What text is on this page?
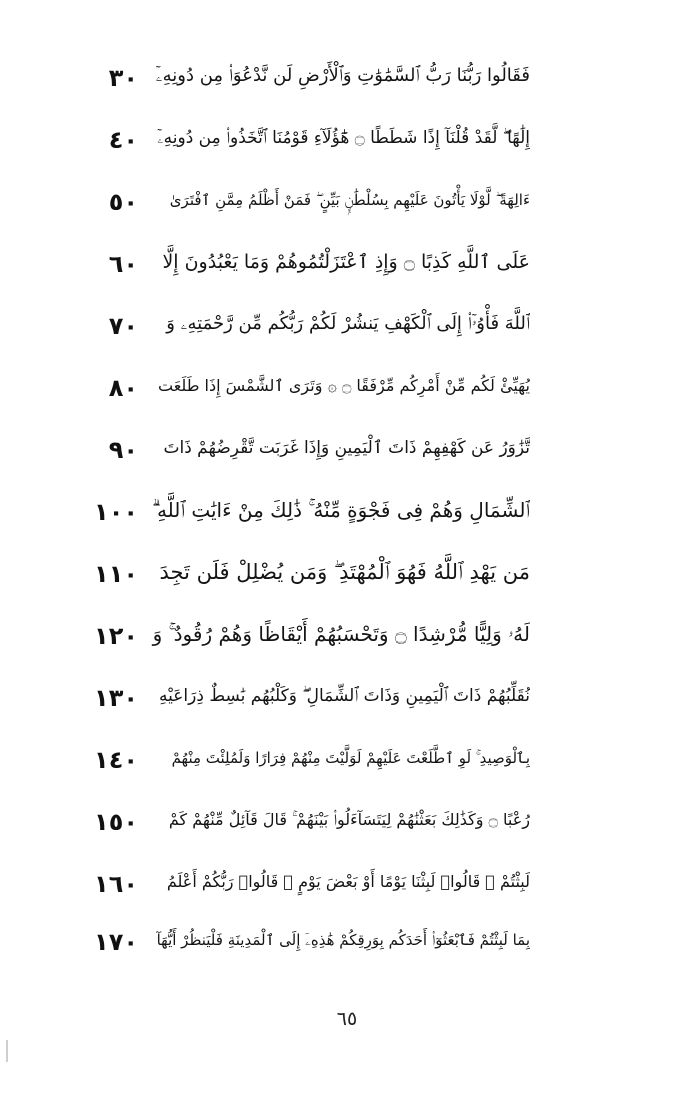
فَقَالُوا رَبُّنَا رَبُّ ٱلسَّمَٰوَٰتِ وَٱلْأَرْضِ لَن نَّدْعُوَا۟ مِن دُونِهِۦٓ
٣٠
إِلَٰهًا ۖ لَّقَدْ قُلْنَآ إِذًا شَطَطًا ۝ هَٰٓؤُلَآءِ قَوْمُنَا ٱتَّخَذُوا۟ مِن دُونِهِۦٓ
٤٠
ءَالِهَةً ۖ لَّوْلَا يَأْتُونَ عَلَيْهِم بِسُلْطَٰنٍۭ بَيِّنٍ ۖ فَمَنْ أَظْلَمُ مِمَّنِ ٱفْتَرَىٰ
٥٠
عَلَى ٱللَّهِ كَذِبًا ۝ وَإِذِ ٱعْتَزَلْتُمُوهُمْ وَمَا يَعْبُدُونَ إِلَّا
٦٠
ٱللَّهَ فَأْوُۥٓا۟ إِلَى ٱلْكَهْفِ يَنشُرْ لَكُمْ رَبُّكُم مِّن رَّحْمَتِهِۦ وَ
٧٠
يُهَيِّئْ لَكُم مِّنْ أَمْرِكُم مِّرْفَقًا ۝ ۞ وَتَرَى ٱلشَّمْسَ إِذَا طَلَعَت
٨٠
تَّزَٰوَرُ عَن كَهْفِهِمْ ذَاتَ ٱلْيَمِينِ وَإِذَا غَرَبَت تَّقْرِضُهُمْ ذَاتَ
٩٠
ٱلشِّمَالِ وَهُمْ فِى فَجْوَةٍ مِّنْهُ ۚ ذَٰلِكَ مِنْ ءَايَٰتِ ٱللَّهِ ۗ
١٠٠
مَن يَهْدِ ٱللَّهُ فَهُوَ ٱلْمُهْتَدِ ۖ وَمَن يُضْلِلْ فَلَن تَجِدَ
١١٠
لَهُۥ وَلِيًّا مُّرْشِدًا ۝ وَتَحْسَبُهُمْ أَيْقَاظًا وَهُمْ رُقُودٌ ۚ وَ
١٢٠
نُقَلِّبُهُمْ ذَاتَ ٱلْيَمِينِ وَذَاتَ ٱلشِّمَالِ ۖ وَكَلْبُهُم بَٰسِطٌ ذِرَاعَيْهِ
١٣٠
بِٱلْوَصِيدِ ۚ لَوِ ٱطَّلَعْتَ عَلَيْهِمْ لَوَلَّيْتَ مِنْهُمْ فِرَارًا وَلَمُلِئْتَ مِنْهُمْ
١٤٠
رُعْبًا ۝ وَكَذَٰلِكَ بَعَثْنَٰهُمْ لِيَتَسَآءَلُوا۟ بَيْنَهُمْ ۚ قَالَ قَآئِلٌ مِّنْهُمْ كَمْ
١٥٠
لَبِثْتُمْ ۖ قَالُوا۟ لَبِثْنَا يَوْمًا أَوْ بَعْضَ يَوْمٍ ۚ قَالُوا۟ رَبُّكُمْ أَعْلَمُ
١٦٠
بِمَا لَبِثْتُمْ فَٱبْعَثُوٓا۟ أَحَدَكُم بِوَرِقِكُمْ هَٰذِهِۦٓ إِلَى ٱلْمَدِينَةِ فَلْيَنظُرْ أَيُّهَآ
١٧٠
٦٥
